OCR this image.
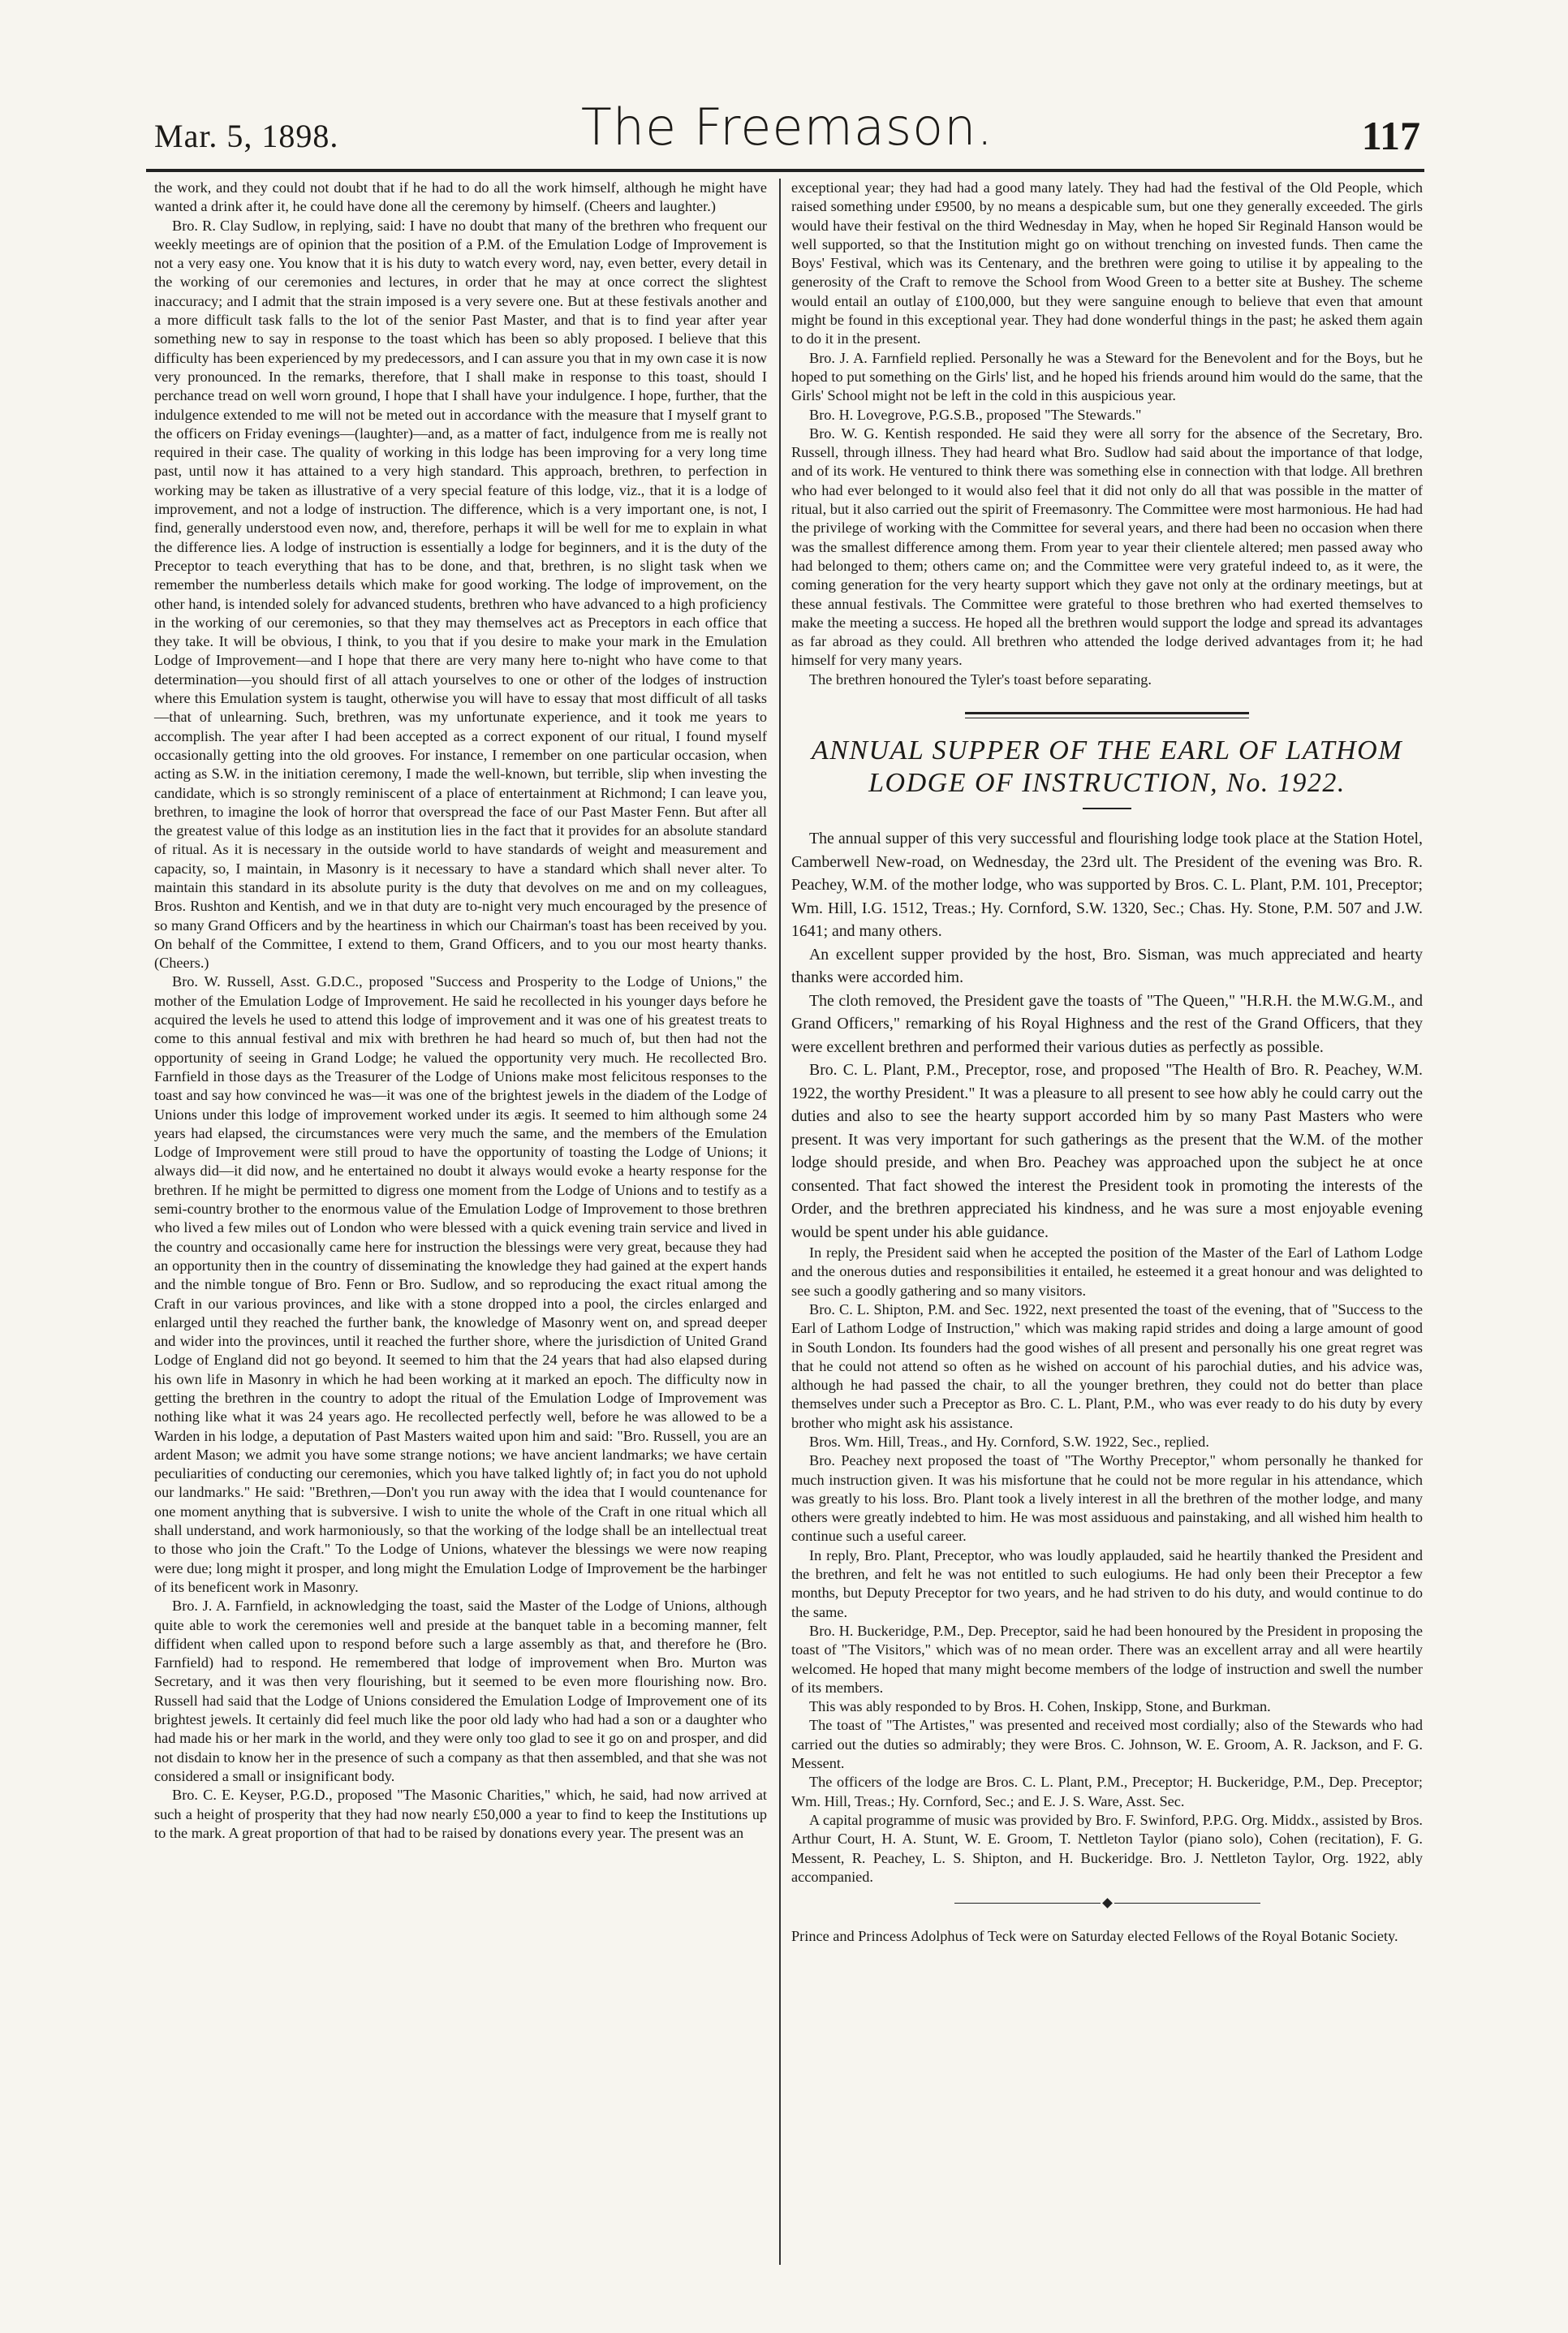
Mar. 5, 1898.	The Freemason.	117

the work, and they could not doubt that if he had to do all the work himself, although he might have wanted a drink after it, he could have done all the ceremony by himself. (Cheers and laughter.)

Bro. R. Clay Sudlow, in replying, said: I have no doubt that many of the brethren who frequent our weekly meetings are of opinion that the position of a P.M. of the Emulation Lodge of Improvement is not a very easy one. You know that it is his duty to watch every word, nay, even better, every detail in the working of our ceremonies and lectures, in order that he may at once correct the slightest inaccuracy; and I admit that the strain imposed is a very severe one. But at these festivals another and a more difficult task falls to the lot of the senior Past Master, and that is to find year after year something new to say in response to the toast which has been so ably proposed. I believe that this difficulty has been experienced by my predecessors, and I can assure you that in my own case it is now very pronounced. In the remarks, therefore, that I shall make in response to this toast, should I perchance tread on well worn ground, I hope that I shall have your indulgence. I hope, further, that the indulgence extended to me will not be meted out in accordance with the measure that I myself grant to the officers on Friday evenings—(laughter)—and, as a matter of fact, indulgence from me is really not required in their case. The quality of working in this lodge has been improving for a very long time past, until now it has attained to a very high standard. This approach, brethren, to perfection in working may be taken as illustrative of a very special feature of this lodge, viz., that it is a lodge of improvement, and not a lodge of instruction. The difference, which is a very important one, is not, I find, generally understood even now, and, therefore, perhaps it will be well for me to explain in what the difference lies. A lodge of instruction is essentially a lodge for beginners, and it is the duty of the Preceptor to teach everything that has to be done, and that, brethren, is no slight task when we remember the numberless details which make for good working. The lodge of improvement, on the other hand, is intended solely for advanced students, brethren who have advanced to a high proficiency in the working of our ceremonies, so that they may themselves act as Preceptors in each office that they take. It will be obvious, I think, to you that if you desire to make your mark in the Emulation Lodge of Improvement—and I hope that there are very many here to-night who have come to that determination—you should first of all attach yourselves to one or other of the lodges of instruction where this Emulation system is taught, otherwise you will have to essay that most difficult of all tasks—that of unlearning. Such, brethren, was my unfortunate experience, and it took me years to accomplish. The year after I had been accepted as a correct exponent of our ritual, I found myself occasionally getting into the old grooves. For instance, I remember on one particular occasion, when acting as S.W. in the initiation ceremony, I made the well-known, but terrible, slip when investing the candidate, which is so strongly reminiscent of a place of entertainment at Richmond; I can leave you, brethren, to imagine the look of horror that overspread the face of our Past Master Fenn. But after all the greatest value of this lodge as an institution lies in the fact that it provides for an absolute standard of ritual. As it is necessary in the outside world to have standards of weight and measurement and capacity, so, I maintain, in Masonry is it necessary to have a standard which shall never alter. To maintain this standard in its absolute purity is the duty that devolves on me and on my colleagues, Bros. Rushton and Kentish, and we in that duty are to-night very much encouraged by the presence of so many Grand Officers and by the heartiness in which our Chairman's toast has been received by you. On behalf of the Committee, I extend to them, Grand Officers, and to you our most hearty thanks. (Cheers.)

Bro. W. Russell, Asst. G.D.C., proposed "Success and Prosperity to the Lodge of Unions," the mother of the Emulation Lodge of Improvement. He said he recollected in his younger days before he acquired the levels he used to attend this lodge of improvement and it was one of his greatest treats to come to this annual festival and mix with brethren he had heard so much of, but then had not the opportunity of seeing in Grand Lodge; he valued the opportunity very much. He recollected Bro. Farnfield in those days as the Treasurer of the Lodge of Unions make most felicitous responses to the toast and say how convinced he was—it was one of the brightest jewels in the diadem of the Lodge of Unions under this lodge of improvement worked under its ægis. It seemed to him although some 24 years had elapsed, the circumstances were very much the same, and the members of the Emulation Lodge of Improvement were still proud to have the opportunity of toasting the Lodge of Unions; it always did—it did now, and he entertained no doubt it always would evoke a hearty response for the brethren. If he might be permitted to digress one moment from the Lodge of Unions and to testify as a semi-country brother to the enormous value of the Emulation Lodge of Improvement to those brethren who lived a few miles out of London who were blessed with a quick evening train service and lived in the country and occasionally came here for instruction the blessings were very great, because they had an opportunity then in the country of disseminating the knowledge they had gained at the expert hands and the nimble tongue of Bro. Fenn or Bro. Sudlow, and so reproducing the exact ritual among the Craft in our various provinces, and like with a stone dropped into a pool, the circles enlarged and enlarged until they reached the further bank, the knowledge of Masonry went on, and spread deeper and wider into the provinces, until it reached the further shore, where the jurisdiction of United Grand Lodge of England did not go beyond. It seemed to him that the 24 years that had also elapsed during his own life in Masonry in which he had been working at it marked an epoch. The difficulty now in getting the brethren in the country to adopt the ritual of the Emulation Lodge of Improvement was nothing like what it was 24 years ago. He recollected perfectly well, before he was allowed to be a Warden in his lodge, a deputation of Past Masters waited upon him and said: "Bro. Russell, you are an ardent Mason; we admit you have some strange notions; we have ancient landmarks; we have certain peculiarities of conducting our ceremonies, which you have talked lightly of; in fact you do not uphold our landmarks." He said: "Brethren,—Don't you run away with the idea that I would countenance for one moment anything that is subversive. I wish to unite the whole of the Craft in one ritual which all shall understand, and work harmoniously, so that the working of the lodge shall be an intellectual treat to those who join the Craft." To the Lodge of Unions, whatever the blessings we were now reaping were due; long might it prosper, and long might the Emulation Lodge of Improvement be the harbinger of its beneficent work in Masonry.

Bro. J. A. Farnfield, in acknowledging the toast, said the Master of the Lodge of Unions, although quite able to work the ceremonies well and preside at the banquet table in a becoming manner, felt diffident when called upon to respond before such a large assembly as that, and therefore he (Bro. Farnfield) had to respond. He remembered that lodge of improvement when Bro. Murton was Secretary, and it was then very flourishing, but it seemed to be even more flourishing now. Bro. Russell had said that the Lodge of Unions considered the Emulation Lodge of Improvement one of its brightest jewels. It certainly did feel much like the poor old lady who had had a son or a daughter who had made his or her mark in the world, and they were only too glad to see it go on and prosper, and did not disdain to know her in the presence of such a company as that then assembled, and that she was not considered a small or insignificant body.

Bro. C. E. Keyser, P.G.D., proposed "The Masonic Charities," which, he said, had now arrived at such a height of prosperity that they had now nearly £50,000 a year to find to keep the Institutions up to the mark. A great proportion of that had to be raised by donations every year. The present was an

exceptional year; they had had a good many lately. They had had the festival of the Old People, which raised something under £9500, by no means a despicable sum, but one they generally exceeded. The girls would have their festival on the third Wednesday in May, when he hoped Sir Reginald Hanson would be well supported, so that the Institution might go on without trenching on invested funds. Then came the Boys' Festival, which was its Centenary, and the brethren were going to utilise it by appealing to the generosity of the Craft to remove the School from Wood Green to a better site at Bushey. The scheme would entail an outlay of £100,000, but they were sanguine enough to believe that even that amount might be found in this exceptional year. They had done wonderful things in the past; he asked them again to do it in the present.

Bro. J. A. Farnfield replied. Personally he was a Steward for the Benevolent and for the Boys, but he hoped to put something on the Girls' list, and he hoped his friends around him would do the same, that the Girls' School might not be left in the cold in this auspicious year.

Bro. H. Lovegrove, P.G.S.B., proposed "The Stewards."

Bro. W. G. Kentish responded. He said they were all sorry for the absence of the Secretary, Bro. Russell, through illness. They had heard what Bro. Sudlow had said about the importance of that lodge, and of its work. He ventured to think there was something else in connection with that lodge. All brethren who had ever belonged to it would also feel that it did not only do all that was possible in the matter of ritual, but it also carried out the spirit of Freemasonry. The Committee were most harmonious. He had had the privilege of working with the Committee for several years, and there had been no occasion when there was the smallest difference among them. From year to year their clientele altered; men passed away who had belonged to them; others came on; and the Committee were very grateful indeed to, as it were, the coming generation for the very hearty support which they gave not only at the ordinary meetings, but at these annual festivals. The Committee were grateful to those brethren who had exerted themselves to make the meeting a success. He hoped all the brethren would support the lodge and spread its advantages as far abroad as they could. All brethren who attended the lodge derived advantages from it; he had himself for very many years.

The brethren honoured the Tyler's toast before separating.

ANNUAL SUPPER OF THE EARL OF LATHOM LODGE OF INSTRUCTION, No. 1922.

The annual supper of this very successful and flourishing lodge took place at the Station Hotel, Camberwell New-road, on Wednesday, the 23rd ult. The President of the evening was Bro. R. Peachey, W.M. of the mother lodge, who was supported by Bros. C. L. Plant, P.M. 101, Preceptor; Wm. Hill, I.G. 1512, Treas.; Hy. Cornford, S.W. 1320, Sec.; Chas. Hy. Stone, P.M. 507 and J.W. 1641; and many others.

An excellent supper provided by the host, Bro. Sisman, was much appreciated and hearty thanks were accorded him.

The cloth removed, the President gave the toasts of "The Queen," "H.R.H. the M.W.G.M., and Grand Officers," remarking of his Royal Highness and the rest of the Grand Officers, that they were excellent brethren and performed their various duties as perfectly as possible.

Bro. C. L. Plant, P.M., Preceptor, rose, and proposed "The Health of Bro. R. Peachey, W.M. 1922, the worthy President." It was a pleasure to all present to see how ably he could carry out the duties and also to see the hearty support accorded him by so many Past Masters who were present. It was very important for such gatherings as the present that the W.M. of the mother lodge should preside, and when Bro. Peachey was approached upon the subject he at once consented. That fact showed the interest the President took in promoting the interests of the Order, and the brethren appreciated his kindness, and he was sure a most enjoyable evening would be spent under his able guidance.

In reply, the President said when he accepted the position of the Master of the Earl of Lathom Lodge and the onerous duties and responsibilities it entailed, he esteemed it a great honour and was delighted to see such a goodly gathering and so many visitors.

Bro. C. L. Shipton, P.M. and Sec. 1922, next presented the toast of the evening, that of "Success to the Earl of Lathom Lodge of Instruction," which was making rapid strides and doing a large amount of good in South London. Its founders had the good wishes of all present and personally his one great regret was that he could not attend so often as he wished on account of his parochial duties, and his advice was, although he had passed the chair, to all the younger brethren, they could not do better than place themselves under such a Preceptor as Bro. C. L. Plant, P.M., who was ever ready to do his duty by every brother who might ask his assistance.

Bros. Wm. Hill, Treas., and Hy. Cornford, S.W. 1922, Sec., replied.

Bro. Peachey next proposed the toast of "The Worthy Preceptor," whom personally he thanked for much instruction given. It was his misfortune that he could not be more regular in his attendance, which was greatly to his loss. Bro. Plant took a lively interest in all the brethren of the mother lodge, and many others were greatly indebted to him. He was most assiduous and painstaking, and all wished him health to continue such a useful career.

In reply, Bro. Plant, Preceptor, who was loudly applauded, said he heartily thanked the President and the brethren, and felt he was not entitled to such eulogiums. He had only been their Preceptor a few months, but Deputy Preceptor for two years, and he had striven to do his duty, and would continue to do the same.

Bro. H. Buckeridge, P.M., Dep. Preceptor, said he had been honoured by the President in proposing the toast of "The Visitors," which was of no mean order. There was an excellent array and all were heartily welcomed. He hoped that many might become members of the lodge of instruction and swell the number of its members.

This was ably responded to by Bros. H. Cohen, Inskipp, Stone, and Burkman.

The toast of "The Artistes," was presented and received most cordially; also of the Stewards who had carried out the duties so admirably; they were Bros. C. Johnson, W. E. Groom, A. R. Jackson, and F. G. Messent.

The officers of the lodge are Bros. C. L. Plant, P.M., Preceptor; H. Buckeridge, P.M., Dep. Preceptor; Wm. Hill, Treas.; Hy. Cornford, Sec.; and E. J. S. Ware, Asst. Sec.

A capital programme of music was provided by Bro. F. Swinford, P.P.G. Org. Middx., assisted by Bros. Arthur Court, H. A. Stunt, W. E. Groom, T. Nettleton Taylor (piano solo), Cohen (recitation), F. G. Messent, R. Peachey, L. S. Shipton, and H. Buckeridge. Bro. J. Nettleton Taylor, Org. 1922, ably accompanied.

Prince and Princess Adolphus of Teck were on Saturday elected Fellows of the Royal Botanic Society.
